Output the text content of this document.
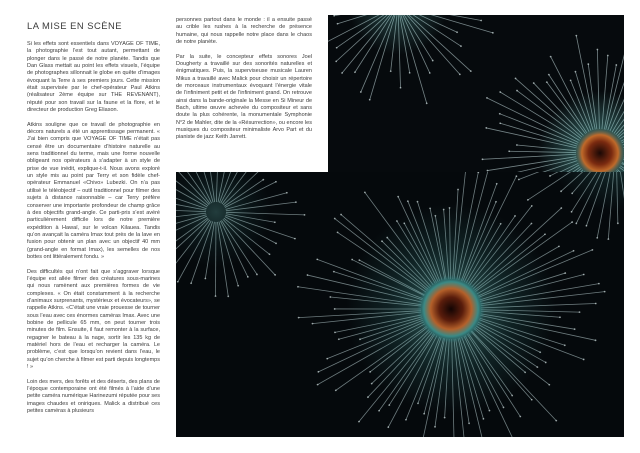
LA MISE EN SCÈNE

Si les effets sont essentiels dans VOYAGE OF TIME, la photographie l’est tout autant, permettant de plonger dans le passé de notre planète. Tandis que Dan Glass mettait au point les effets visuels, l’équipe de photographes sillonnait le globe en quête d’images évoquant la Terre à ses premiers jours. Cette mission était supervisée par le chef-opérateur Paul Atkins (réalisateur 2ème équipe sur THE REVENANT), réputé pour son travail sur la faune et la flore, et le directeur de production Greg Eliason.

Atkins souligne que ce travail de photographie en décors naturels a été un apprentissage permanent. « J’ai bien compris que VOYAGE OF TIME n’était pas censé être un documentaire d’histoire naturelle au sens traditionnel du terme, mais une forme nouvelle obligeant nos opérateurs à s’adapter à un style de prise de vue inédit, explique-t-il. Nous avons exploré un style mis au point par Terry et son fidèle chef-opérateur Emmanuel «Chivo» Lubezki. On n’a pas utilisé le téléobjectif – outil traditionnel pour filmer des sujets à distance raisonnable – car Terry préfère conserver une importante profondeur de champ grâce à des objectifs grand-angle. Ce parti-pris s’est avéré particulièrement difficile lors de notre première expédition à Hawaï, sur le volcan Kilauea. Tandis qu’on avançait la caméra Imax tout près de la lave en fusion pour obtenir un plan avec un objectif 40 mm (grand-angle en format Imax), les semelles de nos bottes ont littéralement fondu. »

Des difficultés qui n’ont fait que s’aggraver lorsque l’équipe est allée filmer des créatures sous-marines qui nous ramènent aux premières formes de vie complexes. « On était constamment à la recherche d’animaux surprenants, mystérieux et évocateurs», se rappelle Atkins. «C’était une vraie prouesse de tourner sous l’eau avec ces énormes caméras Imax. Avec une bobine de pellicule 65 mm, on peut tourner trois minutes de film. Ensuite, il faut remonter à la surface, regagner le bateau à la nage, sortir les 135 kg de matériel hors de l’eau et recharger la caméra. Le problème, c’est que lorsqu’on revient dans l’eau, le sujet qu’on cherche à filmer est parti depuis longtemps ! »

Loin des mers, des forêts et des déserts, des plans de l’époque contemporaine ont été filmés à l’aide d’une petite caméra numérique Harinezumi réputée pour ses images chaudes et oniriques. Malick a distribué ces petites caméras à plusieurs

personnes partout dans le monde : il a ensuite passé au crible les rushes à la recherche de présence humaine, qui nous rappelle notre place dans le chaos de notre planète.

Par la suite, le concepteur effets sonores Joel Dougherty a travaillé sur des sonorités naturelles et énigmatiques. Puis, la superviseuse musicale Lauren Mikus a travaillé avec Malick pour choisir un répertoire de morceaux instrumentaux évoquant l’énergie vitale de l’infiniment petit et de l’infiniment grand. On retrouve ainsi dans la bande-originale la Messe en Si Mineur de Bach, ultime œuvre achevée du compositeur et sans doute la plus cohérente, la monumentale Symphonie N°2 de Mahler, dite de la «Résurrection», ou encore les musiques du compositeur minimaliste Arvo Part et du pianiste de jazz Keith Jarrett.
